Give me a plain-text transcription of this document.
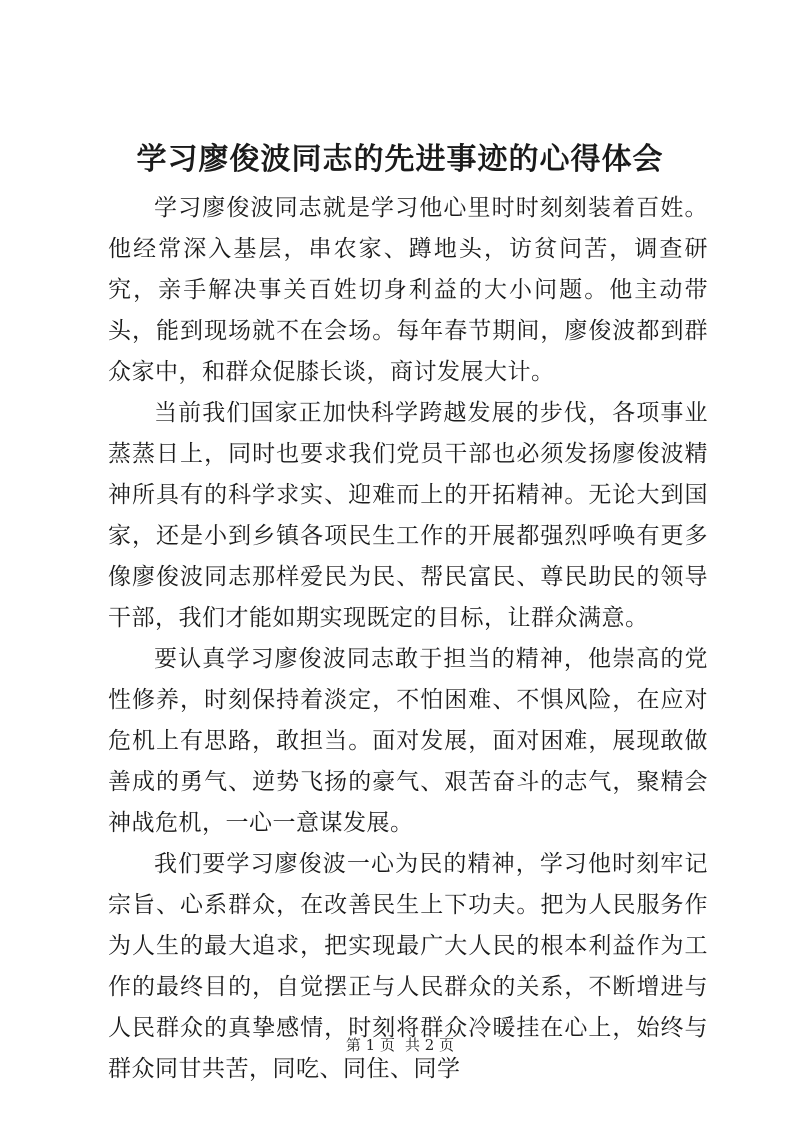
学习廖俊波同志的先进事迹的心得体会

学习廖俊波同志就是学习他心里时时刻刻装着百姓。他经常深入基层，串农家、蹲地头，访贫问苦，调查研究，亲手解决事关百姓切身利益的大小问题。他主动带头，能到现场就不在会场。每年春节期间，廖俊波都到群众家中，和群众促膝长谈，商讨发展大计。

当前我们国家正加快科学跨越发展的步伐，各项事业蒸蒸日上，同时也要求我们党员干部也必须发扬廖俊波精神所具有的科学求实、迎难而上的开拓精神。无论大到国家，还是小到乡镇各项民生工作的开展都强烈呼唤有更多像廖俊波同志那样爱民为民、帮民富民、尊民助民的领导干部，我们才能如期实现既定的目标，让群众满意。

要认真学习廖俊波同志敢于担当的精神，他崇高的党性修养，时刻保持着淡定，不怕困难、不惧风险，在应对危机上有思路，敢担当。面对发展，面对困难，展现敢做善成的勇气、逆势飞扬的豪气、艰苦奋斗的志气，聚精会神战危机，一心一意谋发展。

我们要学习廖俊波一心为民的精神，学习他时刻牢记宗旨、心系群众，在改善民生上下功夫。把为人民服务作为人生的最大追求，把实现最广大人民的根本利益作为工作的最终目的，自觉摆正与人民群众的关系，不断增进与人民群众的真挚感情，时刻将群众冷暖挂在心上，始终与群众同甘共苦，同吃、同住、同学

第 1 页 共 2 页
